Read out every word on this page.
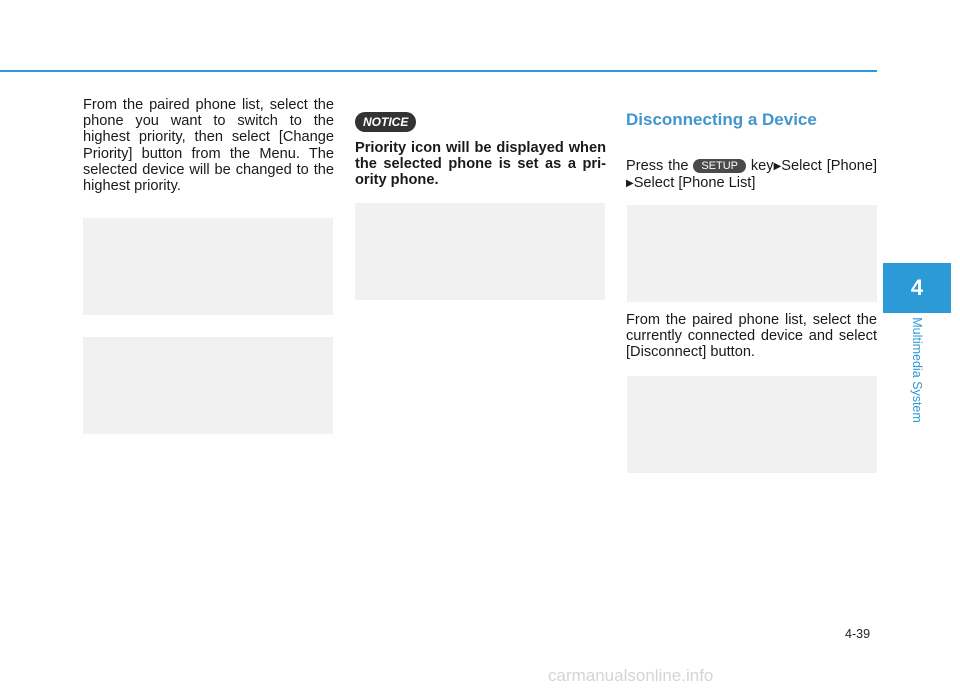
From the paired phone list, select the phone you want to switch to the highest priority, then select [Change Priority] button from the Menu. The selected device will be changed to the highest priority.

NOTICE

Priority icon will be displayed when the selected phone is set as a pri-ority phone.

Disconnecting a Device

Press the SETUP key▶Select [Phone]▶Select [Phone List]

From the paired phone list, select the currently connected device and select [Disconnect] button.

4
Multimedia System
4-39
carmanualsonline.info
